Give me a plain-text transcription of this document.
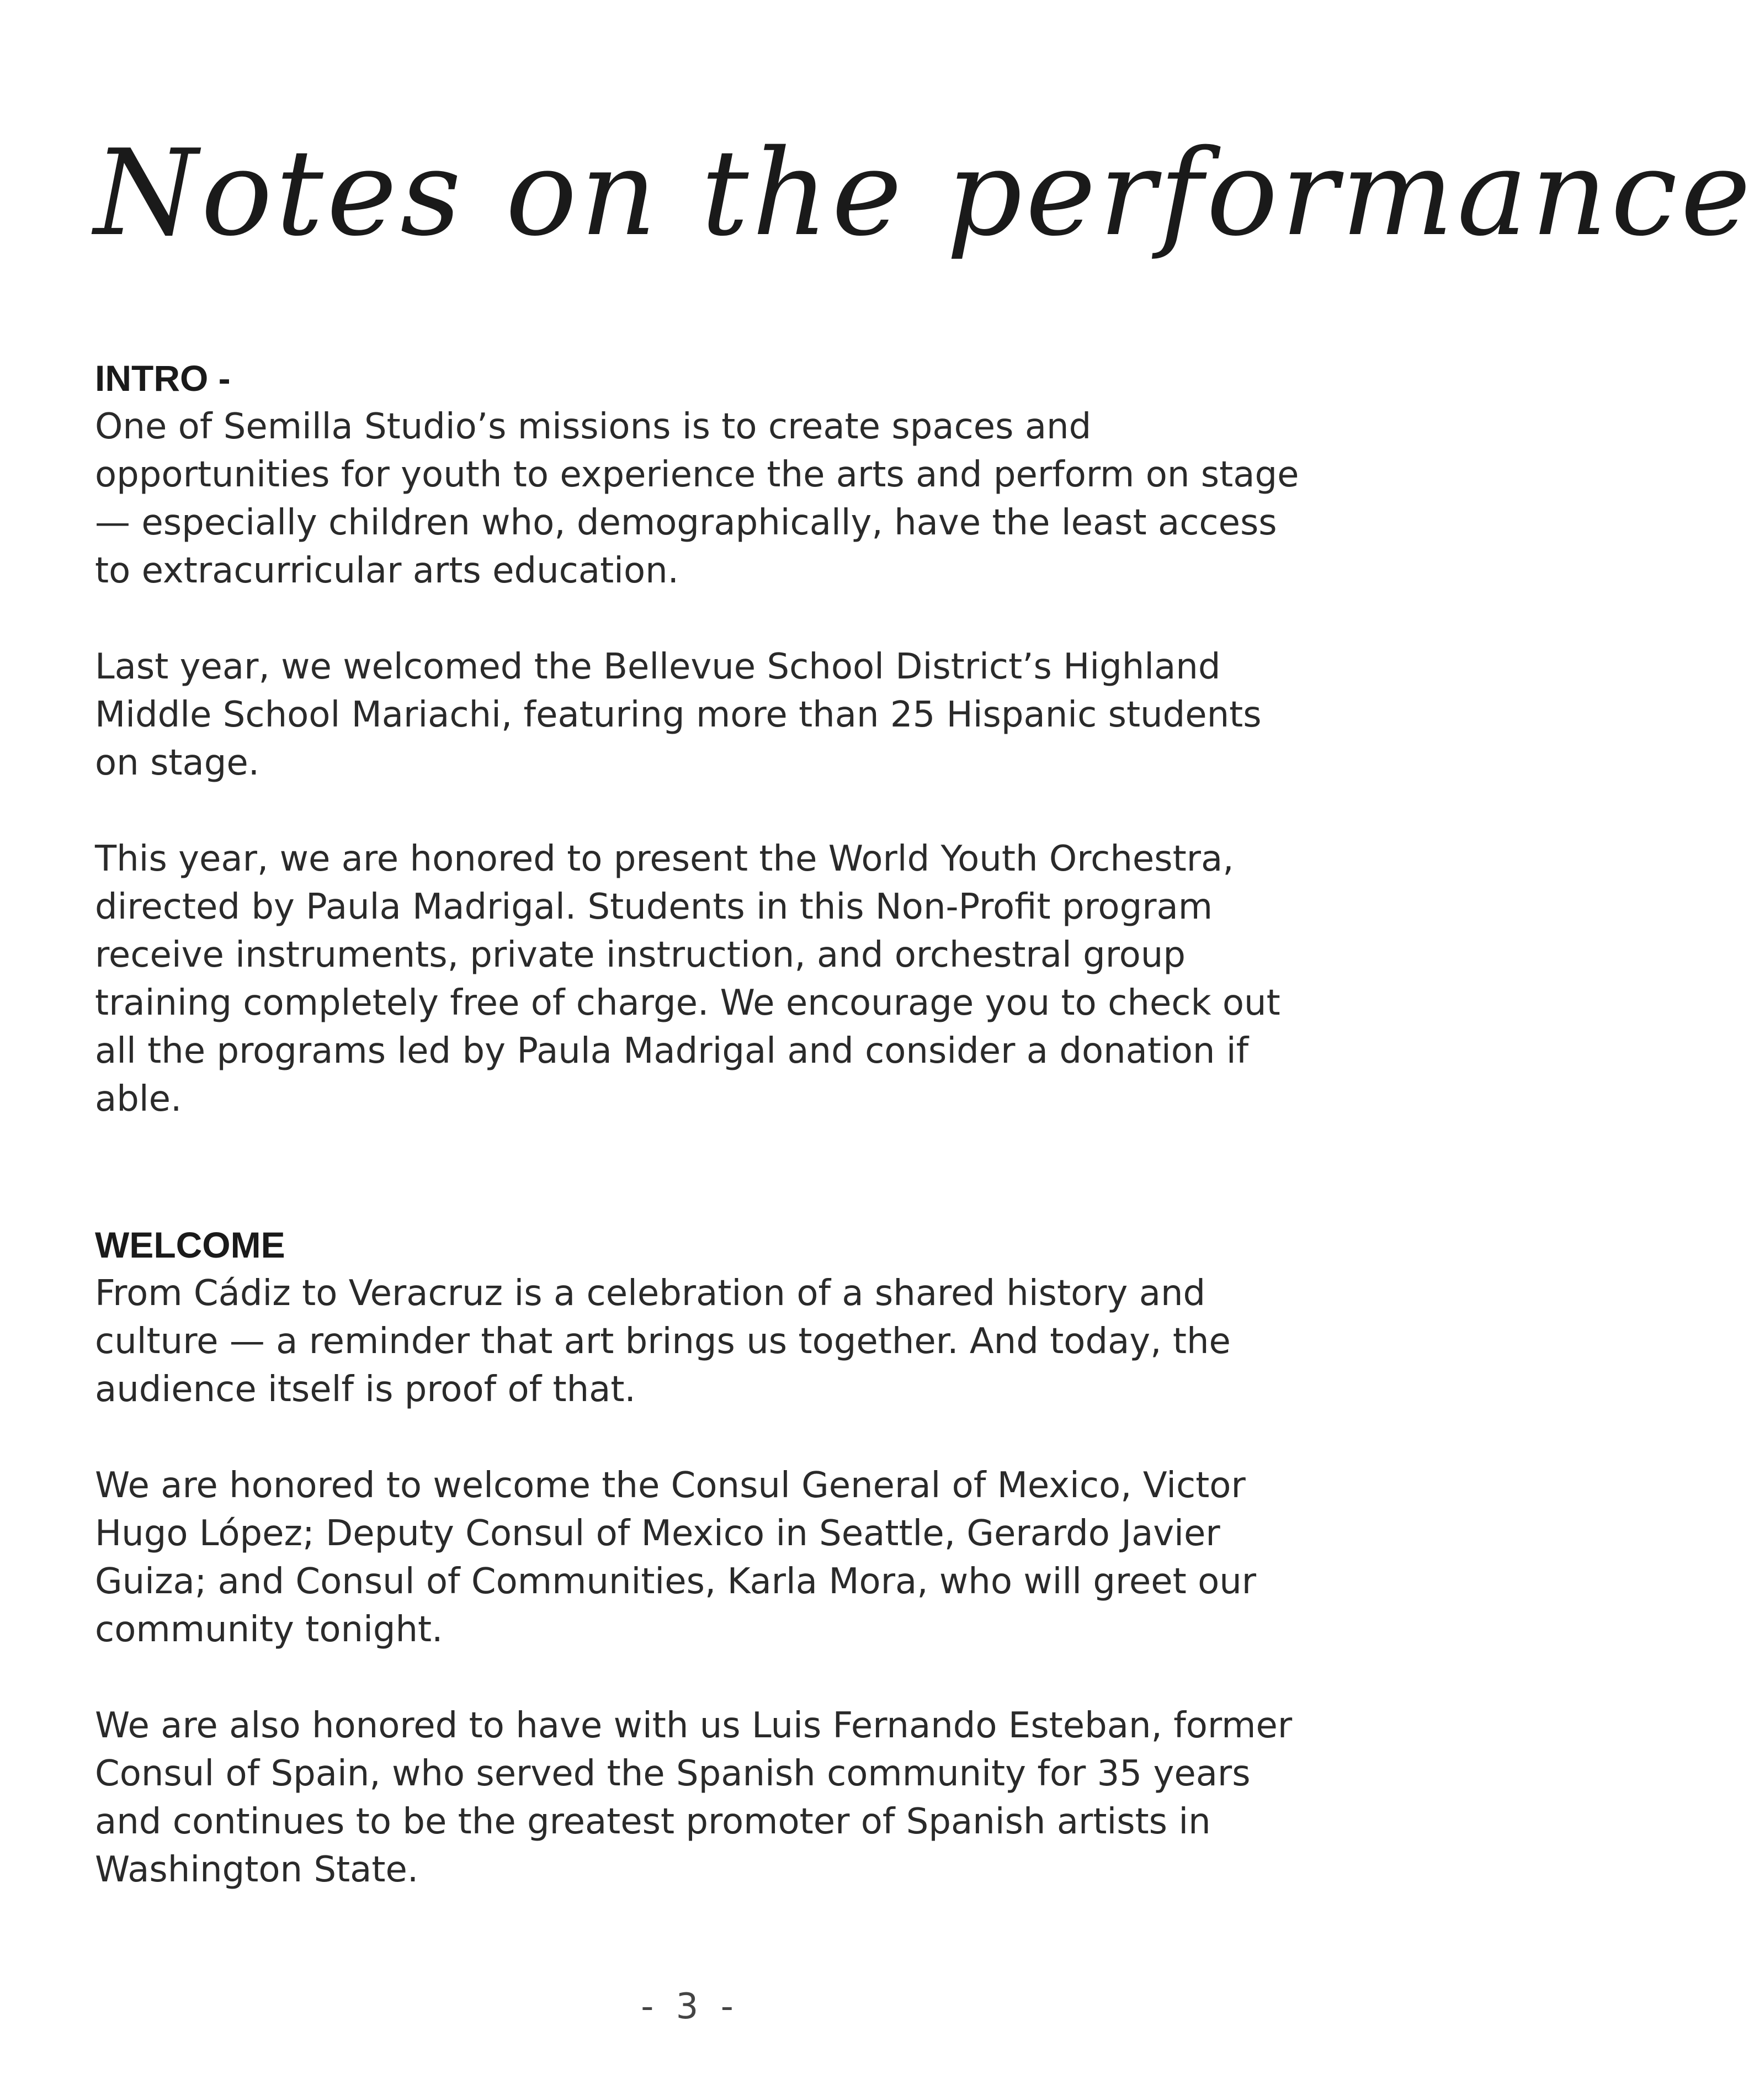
Notes on the performance
INTRO -

One of Semilla Studio’s missions is to create spaces and opportunities for youth to experience the arts and perform on stage — especially children who, demographically, have the least access to extracurricular arts education.

Last year, we welcomed the Bellevue School District’s Highland Middle School Mariachi, featuring more than 25 Hispanic students on stage.

This year, we are honored to present the World Youth Orchestra, directed by Paula Madrigal. Students in this Non-Profit program receive instruments, private instruction, and orchestral group training completely free of charge. We encourage you to check out all the programs led by Paula Madrigal and consider a donation if able.

WELCOME

From Cádiz to Veracruz is a celebration of a shared history and culture — a reminder that art brings us together. And today, the audience itself is proof of that.

We are honored to welcome the Consul General of Mexico, Victor Hugo López; Deputy Consul of Mexico in Seattle, Gerardo Javier Guiza; and Consul of Communities, Karla Mora, who will greet our community tonight.

We are also honored to have with us Luis Fernando Esteban, former Consul of Spain, who served the Spanish community for 35 years and continues to be the greatest promoter of Spanish artists in Washington State.

- 3 -
